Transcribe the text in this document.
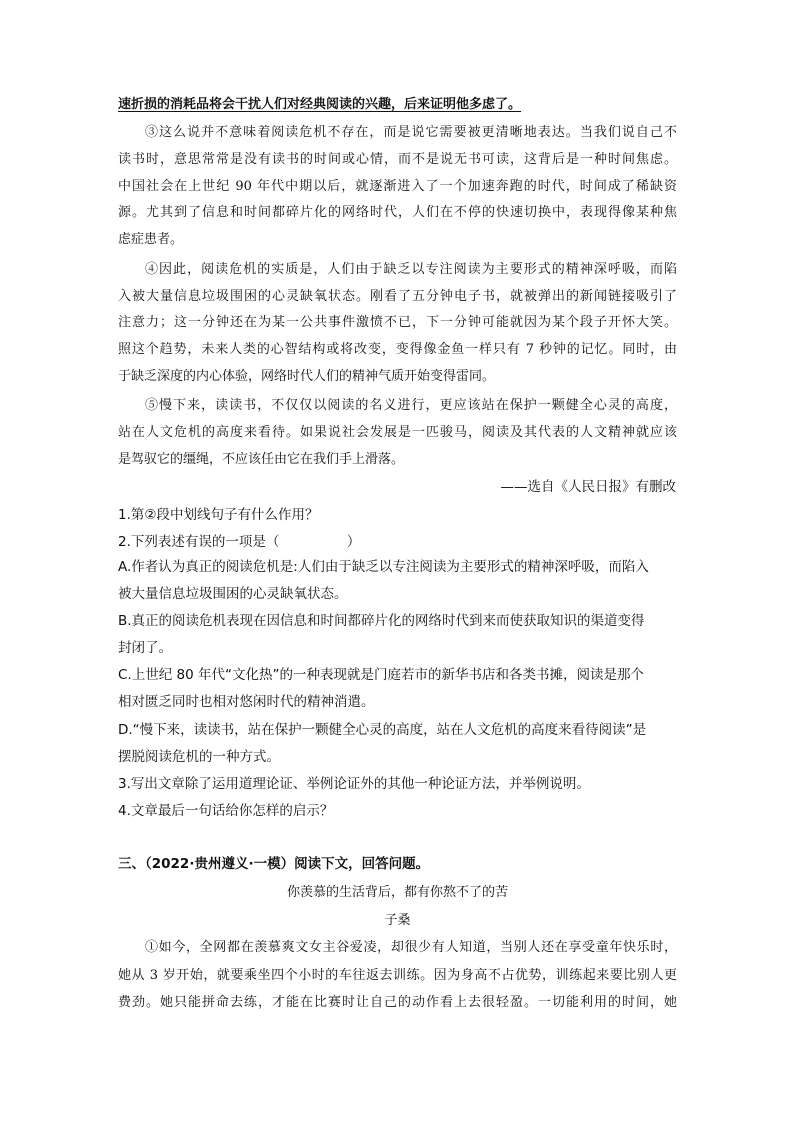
速折损的消耗品将会干扰人们对经典阅读的兴趣，后来证明他多虑了。
③这么说并不意味着阅读危机不存在，而是说它需要被更清晰地表达。当我们说自己不
读书时，意思常常是没有读书的时间或心情，而不是说无书可读，这背后是一种时间焦虑。
中国社会在上世纪 90 年代中期以后，就逐渐进入了一个加速奔跑的时代，时间成了稀缺资
源。尤其到了信息和时间都碎片化的网络时代，人们在不停的快速切换中，表现得像某种焦
虑症患者。
④因此，阅读危机的实质是，人们由于缺乏以专注阅读为主要形式的精神深呼吸，而陷
入被大量信息垃圾围困的心灵缺氧状态。刚看了五分钟电子书，就被弹出的新闻链接吸引了
注意力；这一分钟还在为某一公共事件激愤不已，下一分钟可能就因为某个段子开怀大笑。
照这个趋势，未来人类的心智结构或将改变，变得像金鱼一样只有 7 秒钟的记忆。同时，由
于缺乏深度的内心体验，网络时代人们的精神气质开始变得雷同。
⑤慢下来，读读书，不仅仅以阅读的名义进行，更应该站在保护一颗健全心灵的高度，
站在人文危机的高度来看待。如果说社会发展是一匹骏马，阅读及其代表的人文精神就应该
是驾驭它的缰绳，不应该任由它在我们手上滑落。
——选自《人民日报》有删改
1.第②段中划线句子有什么作用？
2.下列表述有误的一项是（　　　　　）
A.作者认为真正的阅读危机是:人们由于缺乏以专注阅读为主要形式的精神深呼吸，而陷入
被大量信息垃圾围困的心灵缺氧状态。
B.真正的阅读危机表现在因信息和时间都碎片化的网络时代到来而使获取知识的渠道变得
封闭了。
C.上世纪 80 年代“文化热”的一种表现就是门庭若市的新华书店和各类书摊，阅读是那个
相对匮乏同时也相对悠闲时代的精神消遣。
D.“慢下来，读读书，站在保护一颗健全心灵的高度，站在人文危机的高度来看待阅读”是
摆脱阅读危机的一种方式。
3.写出文章除了运用道理论证、举例论证外的其他一种论证方法，并举例说明。
4.文章最后一句话给你怎样的启示？
三、（2022·贵州遵义·一模）阅读下文，回答问题。
你羡慕的生活背后，都有你熬不了的苦
子桑
①如今，全网都在羡慕爽文女主谷爱凌，却很少有人知道，当别人还在享受童年快乐时，
她从 3 岁开始，就要乘坐四个小时的车往返去训练。因为身高不占优势，训练起来要比别人更
费劲。她只能拼命去练，才能在比赛时让自己的动作看上去很轻盈。一切能利用的时间，她
